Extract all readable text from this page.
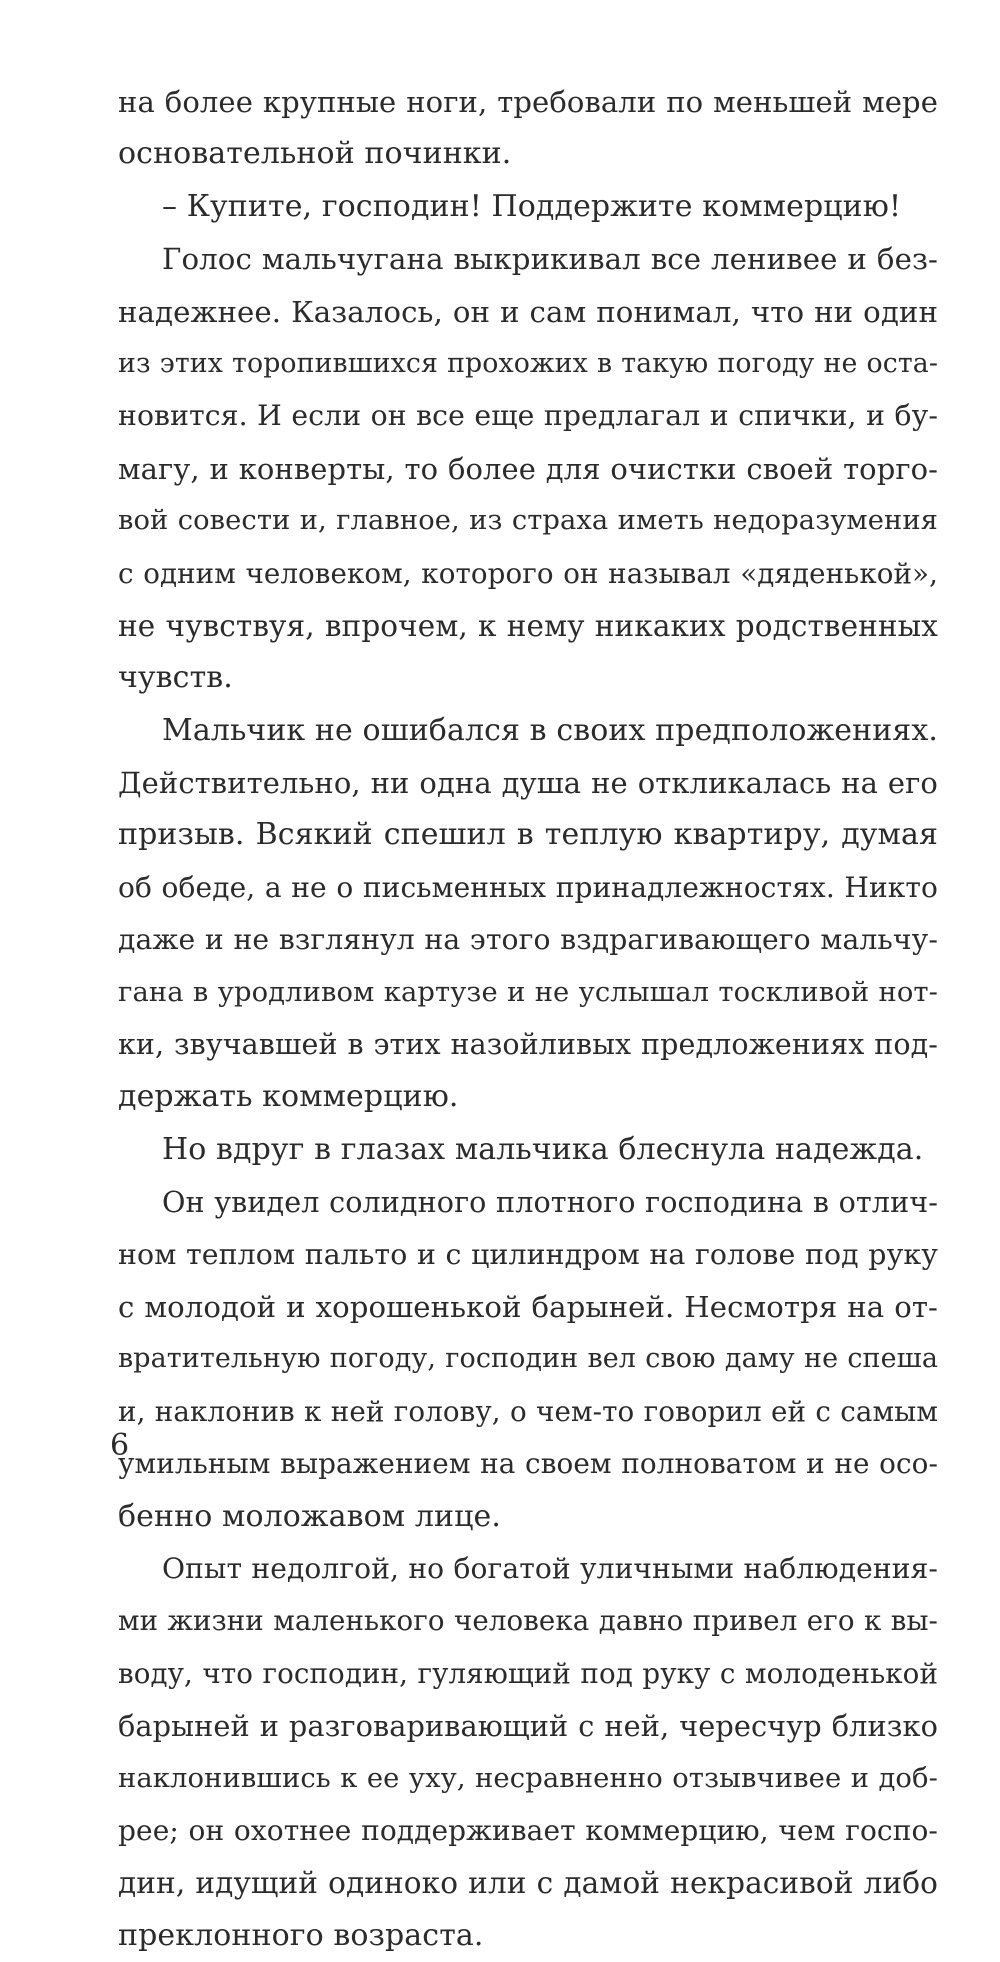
на более крупные ноги, требовали по меньшей мере
основательной починки.
– Купите, господин! Поддержите коммерцию!
Голос мальчугана выкрикивал все ленивее и без-
надежнее. Казалось, он и сам понимал, что ни один
из этих торопившихся прохожих в такую погоду не оста-
новится. И если он все еще предлагал и спички, и бу-
магу, и конверты, то более для очистки своей торго-
вой совести и, главное, из страха иметь недоразумения
с одним человеком, которого он называл «дяденькой»,
не чувствуя, впрочем, к нему никаких родственных
чувств.
Мальчик не ошибался в своих предположениях.
Действительно, ни одна душа не откликалась на его
призыв. Всякий спешил в теплую квартиру, думая
об обеде, а не о письменных принадлежностях. Никто
даже и не взглянул на этого вздрагивающего мальчу-
гана в уродливом картузе и не услышал тоскливой нот-
ки, звучавшей в этих назойливых предложениях под-
держать коммерцию.
Но вдруг в глазах мальчика блеснула надежда.
Он увидел солидного плотного господина в отлич-
ном теплом пальто и с цилиндром на голове под руку
с молодой и хорошенькой барыней. Несмотря на от-
вратительную погоду, господин вел свою даму не спеша
и, наклонив к ней голову, о чем-то говорил ей с самым
умильным выражением на своем полноватом и не осо-
бенно моложавом лице.
Опыт недолгой, но богатой уличными наблюдения-
ми жизни маленького человека давно привел его к вы-
воду, что господин, гуляющий под руку с молоденькой
барыней и разговаривающий с ней, чересчур близко
наклонившись к ее уху, несравненно отзывчивее и доб-
рее; он охотнее поддерживает коммерцию, чем госпо-
дин, идущий одиноко или с дамой некрасивой либо
преклонного возраста.
6
